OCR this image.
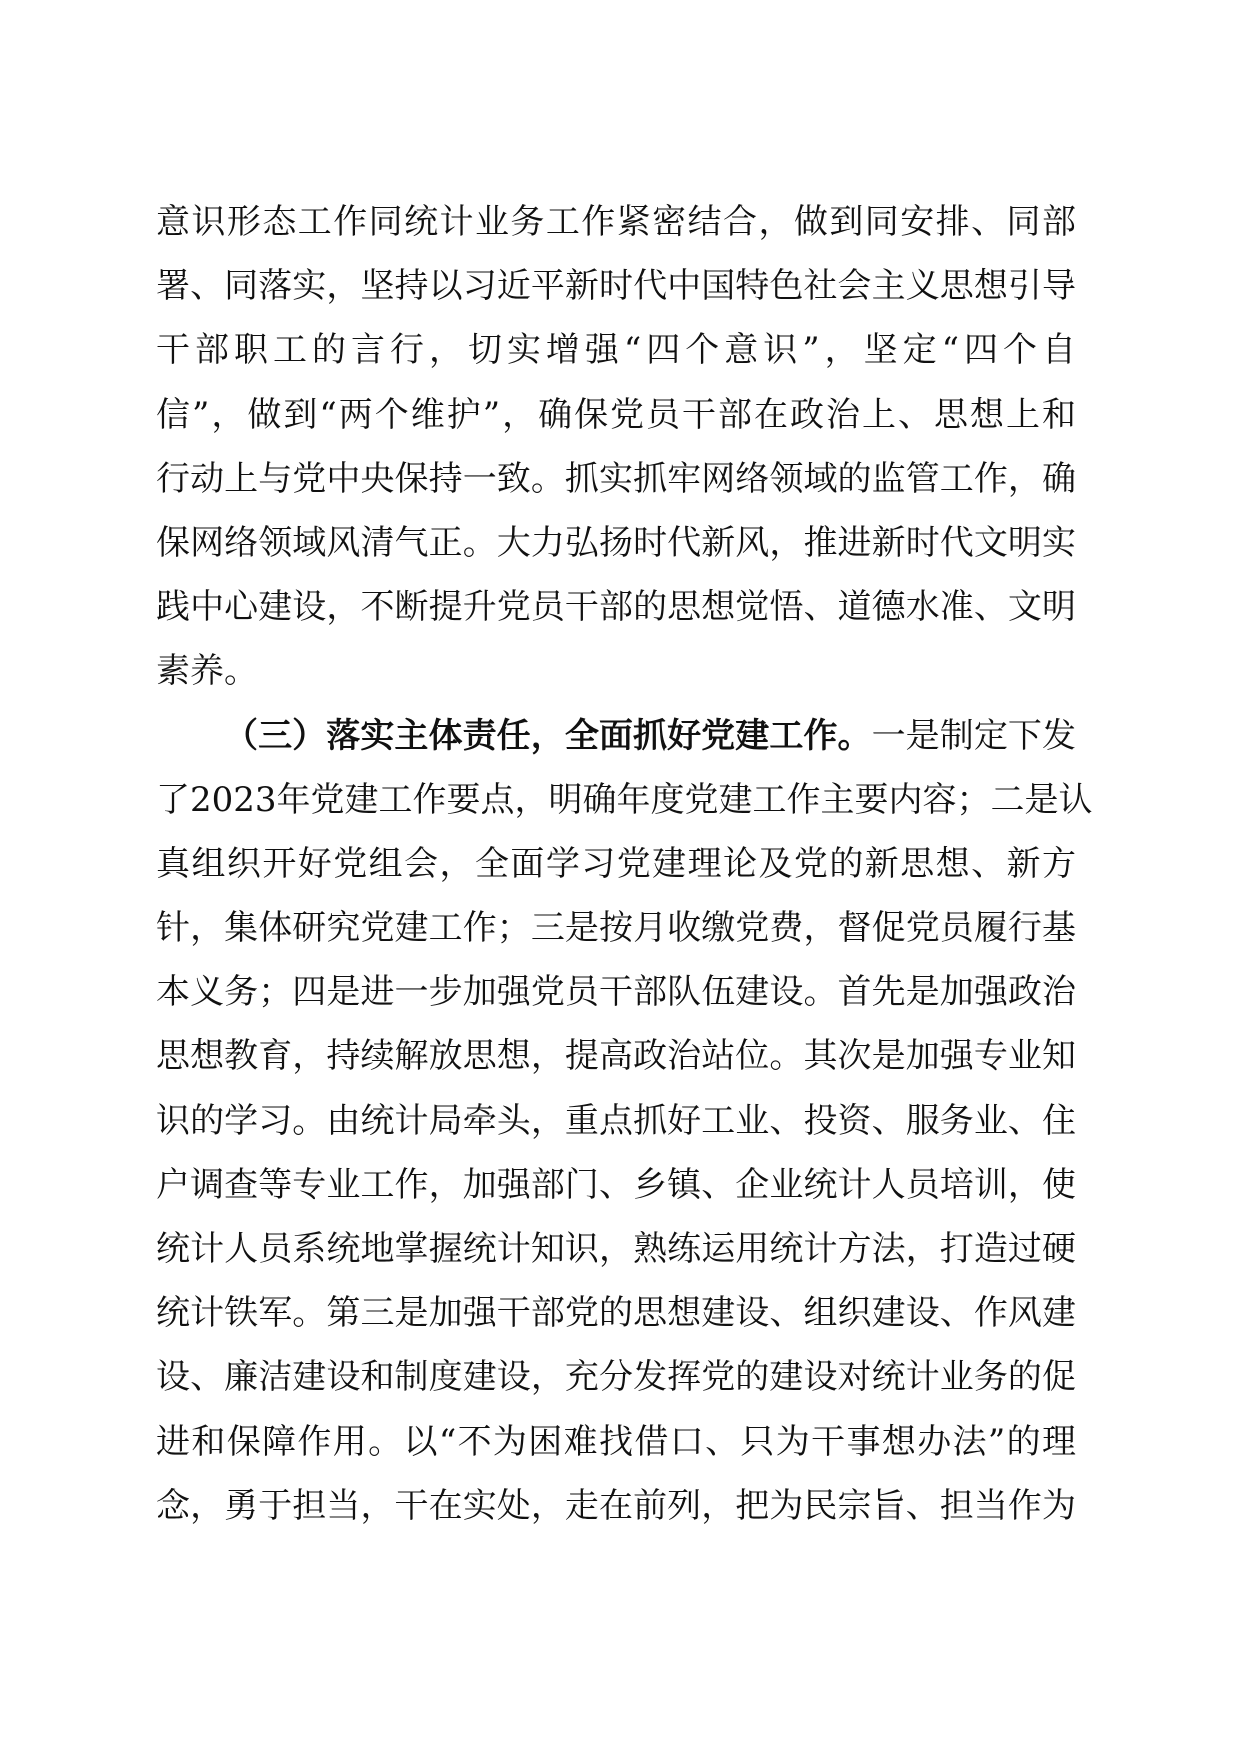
意识形态工作同统计业务工作紧密结合，做到同安排、同部
署、同落实，坚持以习近平新时代中国特色社会主义思想引导
干部职工的言行，切实增强“四个意识”，坚定“四个自
信”，做到“两个维护”，确保党员干部在政治上、思想上和
行动上与党中央保持一致。抓实抓牢网络领域的监管工作，确
保网络领域风清气正。大力弘扬时代新风，推进新时代文明实
践中心建设，不断提升党员干部的思想觉悟、道德水准、文明
素养。
（三）落实主体责任，全面抓好党建工作。一是制定下发
了2023年党建工作要点，明确年度党建工作主要内容；二是认
真组织开好党组会，全面学习党建理论及党的新思想、新方
针，集体研究党建工作；三是按月收缴党费，督促党员履行基
本义务；四是进一步加强党员干部队伍建设。首先是加强政治
思想教育，持续解放思想，提高政治站位。其次是加强专业知
识的学习。由统计局牵头，重点抓好工业、投资、服务业、住
户调查等专业工作，加强部门、乡镇、企业统计人员培训，使
统计人员系统地掌握统计知识，熟练运用统计方法，打造过硬
统计铁军。第三是加强干部党的思想建设、组织建设、作风建
设、廉洁建设和制度建设，充分发挥党的建设对统计业务的促
进和保障作用。以“不为困难找借口、只为干事想办法”的理
念，勇于担当，干在实处，走在前列，把为民宗旨、担当作为
